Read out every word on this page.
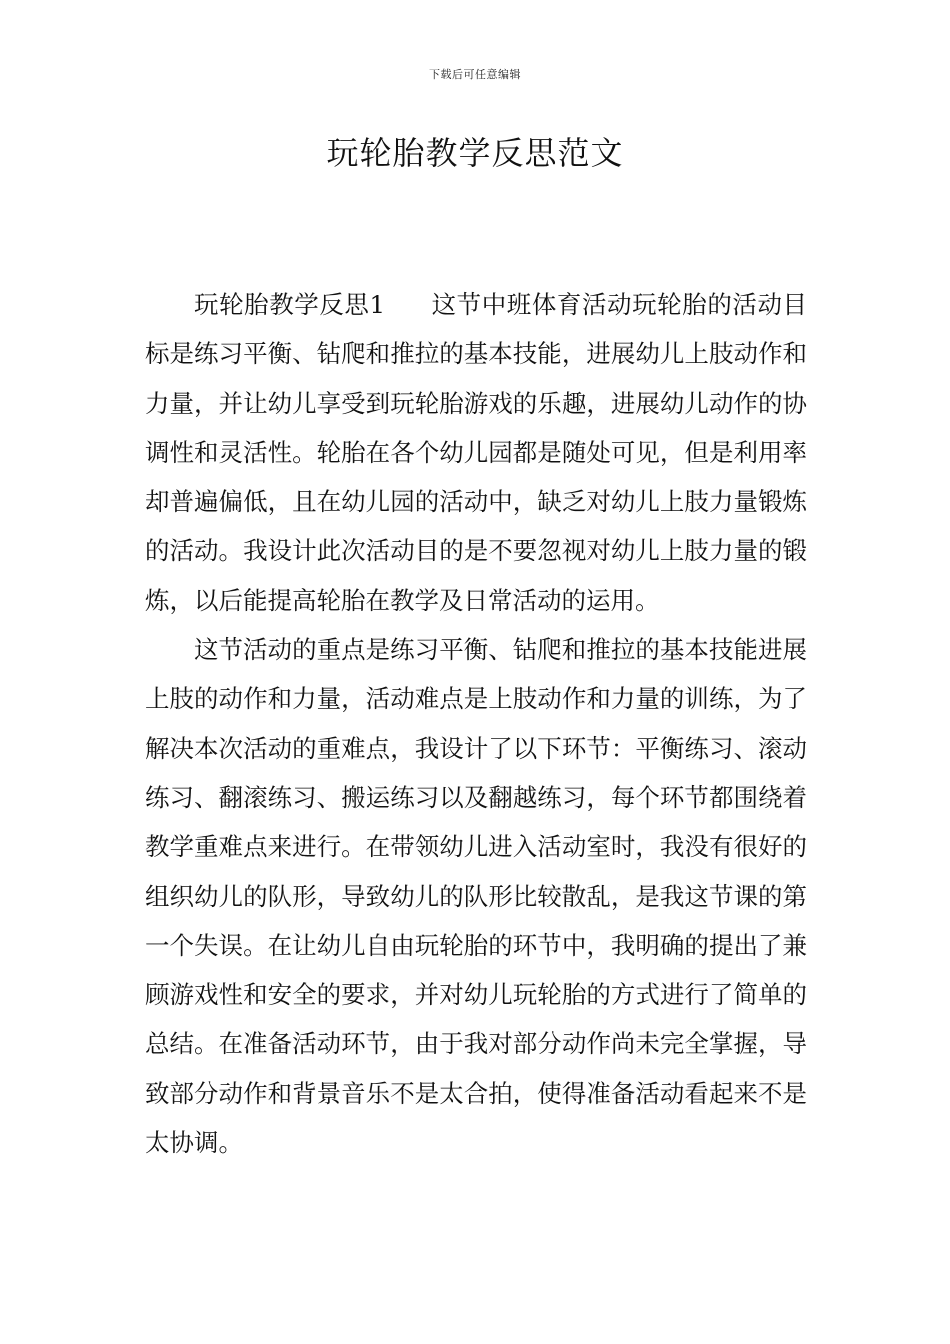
下载后可任意编辑
玩轮胎教学反思范文

玩轮胎教学反思1 这节中班体育活动玩轮胎的活动目标是练习平衡、钻爬和推拉的基本技能，进展幼儿上肢动作和力量，并让幼儿享受到玩轮胎游戏的乐趣，进展幼儿动作的协调性和灵活性。轮胎在各个幼儿园都是随处可见，但是利用率却普遍偏低，且在幼儿园的活动中，缺乏对幼儿上肢力量锻炼的活动。我设计此次活动目的是不要忽视对幼儿上肢力量的锻炼，以后能提高轮胎在教学及日常活动的运用。

这节活动的重点是练习平衡、钻爬和推拉的基本技能进展上肢的动作和力量，活动难点是上肢动作和力量的训练，为了解决本次活动的重难点，我设计了以下环节：平衡练习、滚动练习、翻滚练习、搬运练习以及翻越练习，每个环节都围绕着教学重难点来进行。在带领幼儿进入活动室时，我没有很好的组织幼儿的队形，导致幼儿的队形比较散乱，是我这节课的第一个失误。在让幼儿自由玩轮胎的环节中，我明确的提出了兼顾游戏性和安全的要求，并对幼儿玩轮胎的方式进行了简单的总结。在准备活动环节，由于我对部分动作尚未完全掌握，导致部分动作和背景音乐不是太合拍，使得准备活动看起来不是太协调。
